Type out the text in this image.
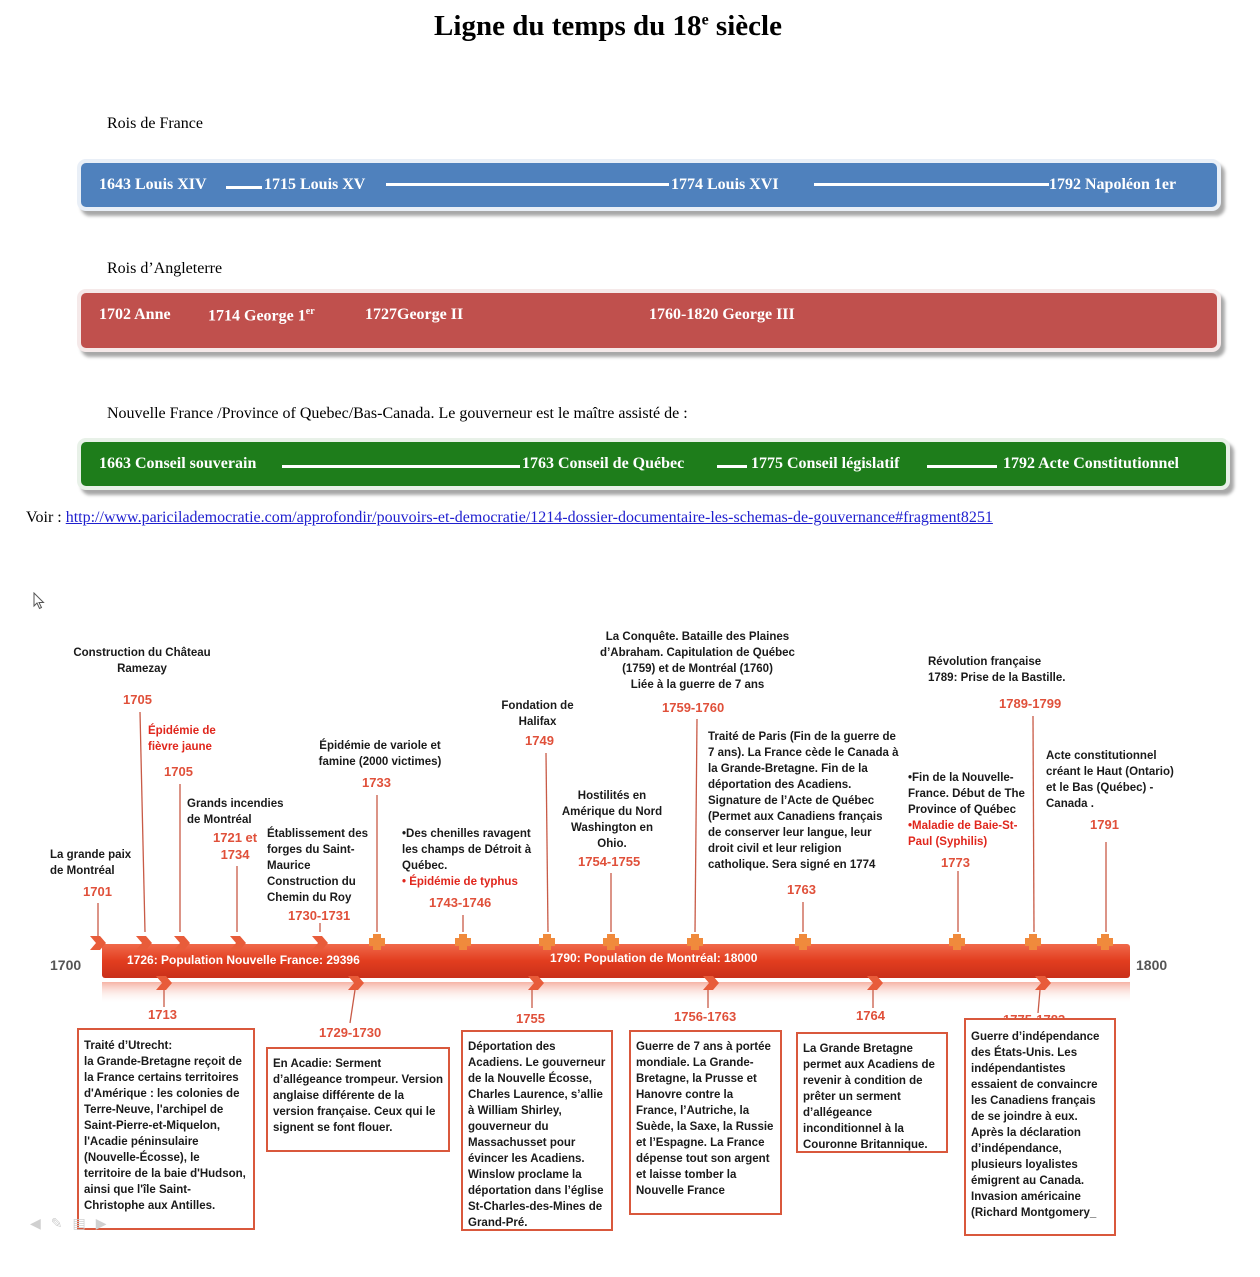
Ligne du temps du 18e siècle
Rois de France
1643 Louis XIV	1715 Louis XV	1774 Louis XVI	1792 Napoléon 1er
Rois d’Angleterre
1702 Anne 1714 George 1er	1727George II	1760-1820 George III
Nouvelle France /Province of Quebec/Bas-Canada. Le gouverneur est le maître assisté de :
1663 Conseil souverain	1763 Conseil de Québec	1775 Conseil législatif	1792 Acte Constitutionnel
Voir : http://www.paricilademocratie.com/approfondir/pouvoirs-et-democratie/1214-dossier-documentaire-les-schemas-de-gouvernance#fragment8251
1700	1800
1726: Population Nouvelle France: 29396	1790: Population de Montréal: 18000
La grande paix
de Montréal
1701
Construction du Château
Ramezay
1705
Épidémie de
fièvre jaune
1705
Grands incendies
de Montréal
1721 et
1734
Établissement des
forges du Saint-
Maurice
Construction du
Chemin du Roy
1730-1731
Épidémie de variole et
famine (2000 victimes)
1733
•Des chenilles ravagent
les champs de Détroit à
Québec.
• Épidémie de typhus
1743-1746
Fondation de
Halifax
1749
Hostilités en
Amérique du Nord
Washington en
Ohio.
1754-1755
La Conquête. Bataille des Plaines
d’Abraham. Capitulation de Québec
(1759) et de Montréal (1760)
Liée à la guerre de 7 ans
1759-1760
Traité de Paris (Fin de la guerre de
7 ans). La France cède le Canada à
la Grande-Bretagne. Fin de la
déportation des Acadiens.
Signature de l’Acte de Québec
(Permet aux Canadiens français
de conserver leur langue, leur
droit civil et leur religion
catholique. Sera signé en 1774
1763
•Fin de la Nouvelle-
France. Début de The
Province of Québec
•Maladie de Baie-St-
Paul (Syphilis)
1773
Révolution française
1789: Prise de la Bastille.
1789-1799
Acte constitutionnel
créant le Haut (Ontario)
et le Bas (Québec) -
Canada .
1791
1713
Traité d’Utrecht:
la Grande-Bretagne reçoit de la France certains territoires d'Amérique : les colonies de Terre-Neuve, l'archipel de Saint-Pierre-et-Miquelon, l'Acadie péninsulaire (Nouvelle-Écosse), le territoire de la baie d'Hudson, ainsi que l'île Saint-Christophe aux Antilles.
1729-1730
En Acadie: Serment d’allégeance trompeur. Version anglaise différente de la version française. Ceux qui le signent se font flouer.
1755
Déportation des Acadiens. Le gouverneur de la Nouvelle Écosse, Charles Laurence, s’allie à William Shirley, gouverneur du Massachusset pour évincer les Acadiens. Winslow proclame la déportation dans l’église St-Charles-des-Mines de Grand-Pré.
1756-1763
Guerre de 7 ans à portée mondiale. La Grande-Bretagne, la Prusse et Hanovre contre la France, l’Autriche, la Suède, la Saxe, la Russie et l’Espagne. La France dépense tout son argent et laisse tomber la Nouvelle France
1764
La Grande Bretagne permet aux Acadiens de revenir à condition de prêter un serment d’allégeance inconditionnel à la Couronne Britannique.
Guerre d’indépendance des États-Unis. Les indépendantistes essaient de convaincre les Canadiens français de se joindre à eux. Après la déclaration d’indépendance, plusieurs loyalistes émigrent au Canada. Invasion américaine (Richard Montgomery_
◀✎▤▶
